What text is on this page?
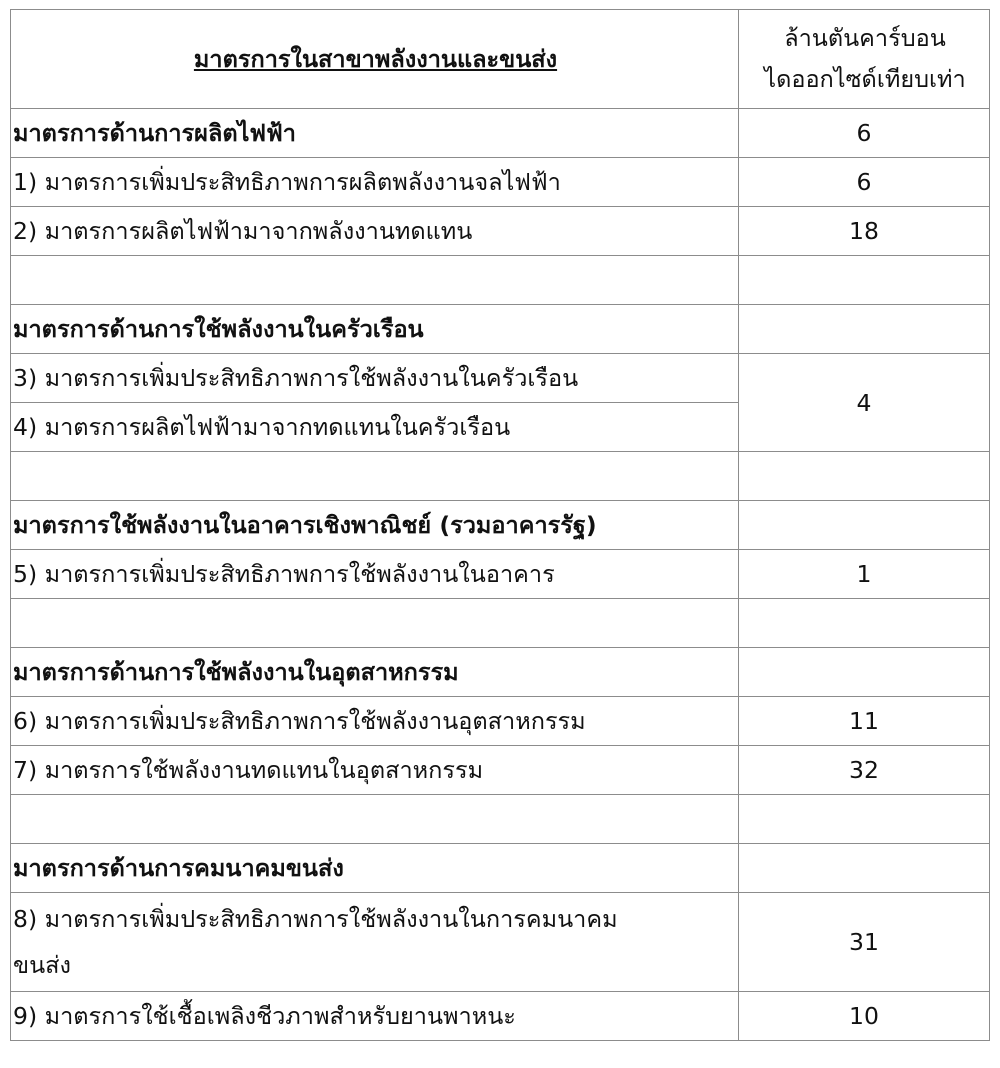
มาตรการในสาขาพลังงานและขนส่ง	ล้านตันคาร์บอน
ไดออกไซด์เทียบเท่า

มาตรการด้านการผลิตไฟฟ้า	6
1) มาตรการเพิ่มประสิทธิภาพการผลิตพลังงานจลไฟฟ้า	6
2) มาตรการผลิตไฟฟ้ามาจากพลังงานทดแทน	18

มาตรการด้านการใช้พลังงานในครัวเรือน	
3) มาตรการเพิ่มประสิทธิภาพการใช้พลังงานในครัวเรือน	4
4) มาตรการผลิตไฟฟ้ามาจากทดแทนในครัวเรือน	

มาตรการใช้พลังงานในอาคารเชิงพาณิชย์ (รวมอาคารรัฐ)	
5) มาตรการเพิ่มประสิทธิภาพการใช้พลังงานในอาคาร	1

มาตรการด้านการใช้พลังงานในอุตสาหกรรม	
6) มาตรการเพิ่มประสิทธิภาพการใช้พลังงานอุตสาหกรรม	11
7) มาตรการใช้พลังงานทดแทนในอุตสาหกรรม	32

มาตรการด้านการคมนาคมขนส่ง	

8) มาตรการเพิ่มประสิทธิภาพการใช้พลังงานในการคมนาคม
ขนส่ง	31
9) มาตรการใช้เชื้อเพลิงชีวภาพสำหรับยานพาหนะ	10
